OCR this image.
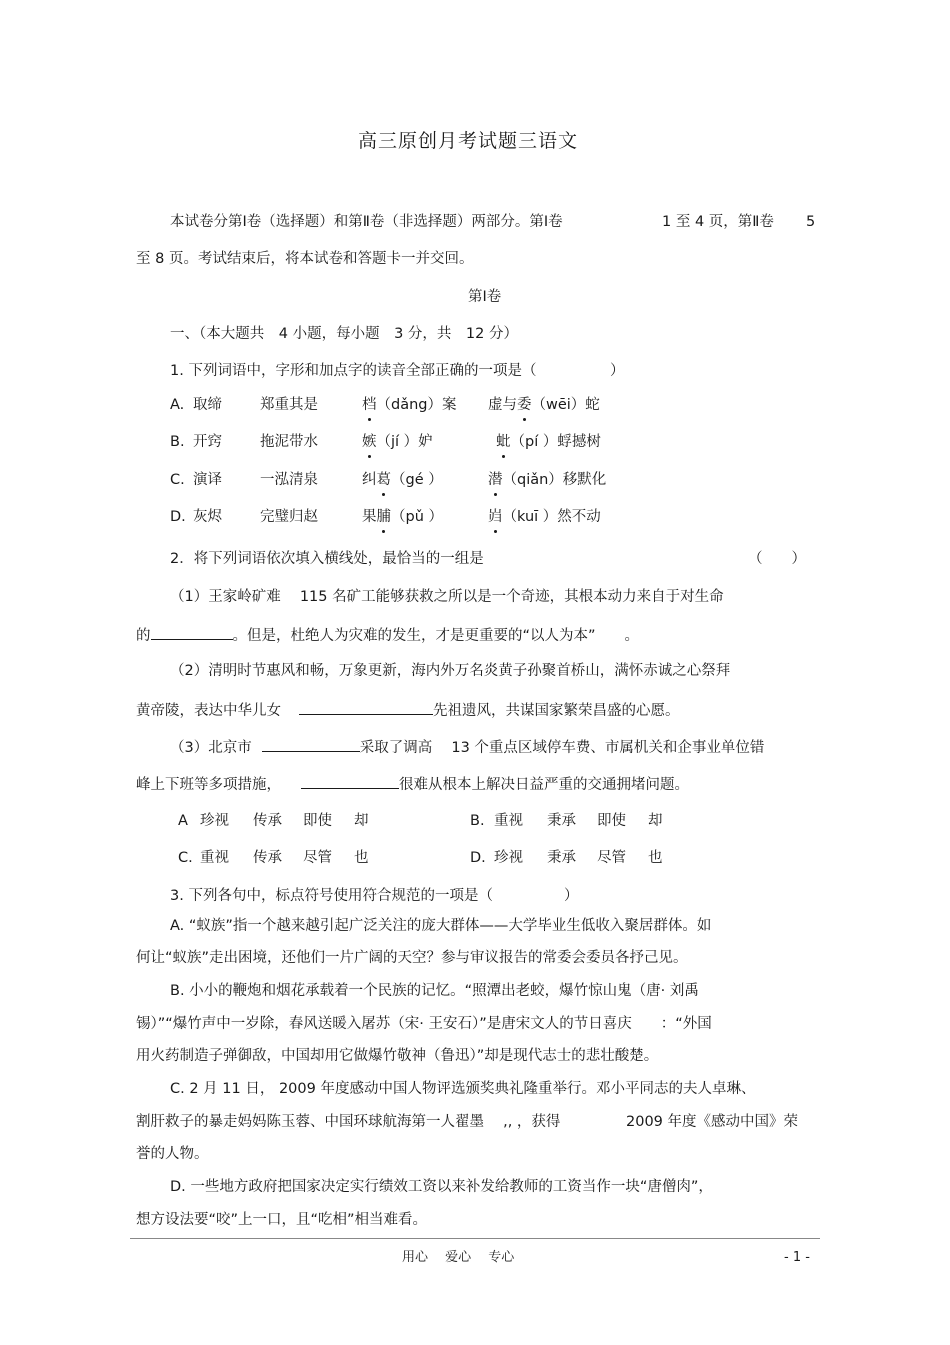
高三原创月考试题三语文
本试卷分第Ⅰ卷（选择题）和第Ⅱ卷（非选择题）两部分。第Ⅰ卷	1 至 4 页，第Ⅱ卷 5
至 8 页。考试结束后，将本试卷和答题卡一并交回。
第Ⅰ卷
一、（本大题共　4 小题，每小题　3 分，共　12 分）
1. 下列词语中，字形和加点字的读音全部正确的一项是（	）
A. 取缔	郑重其是	档（dǎng）案 虚与委（wēi）蛇
B. 开窍	拖泥带水	嫉（jí ）妒	蚍（pí ）蜉撼树
C. 演译	一泓清泉	纠葛（gé ）	潜（qiǎn）移默化
D. 灰烬	完璧归赵	果脯（pǔ ）	岿（kuī ）然不动
2．将下列词语依次填入横线处，最恰当的一组是	（　　）
（1）王家岭矿难　 115 名矿工能够获救之所以是一个奇迹，其根本动力来自于对生命
的	。但是，杜绝人为灾难的发生，才是更重要的“以人为本”　　。
（2）清明时节惠风和畅，万象更新，海内外万名炎黄子孙聚首桥山，满怀赤诚之心祭拜
黄帝陵，表达中华儿女	先祖遗风，共谋国家繁荣昌盛的心愿。
（3）北京市	采取了调高　 13 个重点区域停车费、市属机关和企事业单位错
峰上下班等多项措施，	很难从根本上解决日益严重的交通拥堵问题。
A 珍视 传承 即使 却	B. 重视 秉承 即使 却
C. 重视 传承 尽管 也	D. 珍视 秉承 尽管 也
3. 下列各句中，标点符号使用符合规范的一项是（	）
A. “蚁族”指一个越来越引起广泛关注的庞大群体——大学毕业生低收入聚居群体。如
何让“蚁族”走出困境，还他们一片广阔的天空？参与审议报告的常委会委员各抒己见。
B. 小小的鞭炮和烟花承载着一个民族的记忆。“照潭出老蛟，爆竹惊山鬼（唐· 刘禹
锡）”“爆竹声中一岁除，春风送暖入屠苏（宋· 王安石）”是唐宋文人的节日喜庆　　：“外国
用火药制造子弹御敌，中国却用它做爆竹敬神（鲁迅）”却是现代志士的悲壮酸楚。
C. 2 月 11 日， 2009 年度感动中国人物评选颁奖典礼隆重举行。邓小平同志的夫人卓琳、
割肝救子的暴走妈妈陈玉蓉、中国环球航海第一人翟墨　 ,, ，获得	2009 年度《感动中国》荣
誉的人物。
D. 一些地方政府把国家决定实行绩效工资以来补发给教师的工资当作一块“唐僧肉”，
想方设法要“咬”上一口，且“吃相”相当难看。
用心　 爱心　 专心	- 1 -
